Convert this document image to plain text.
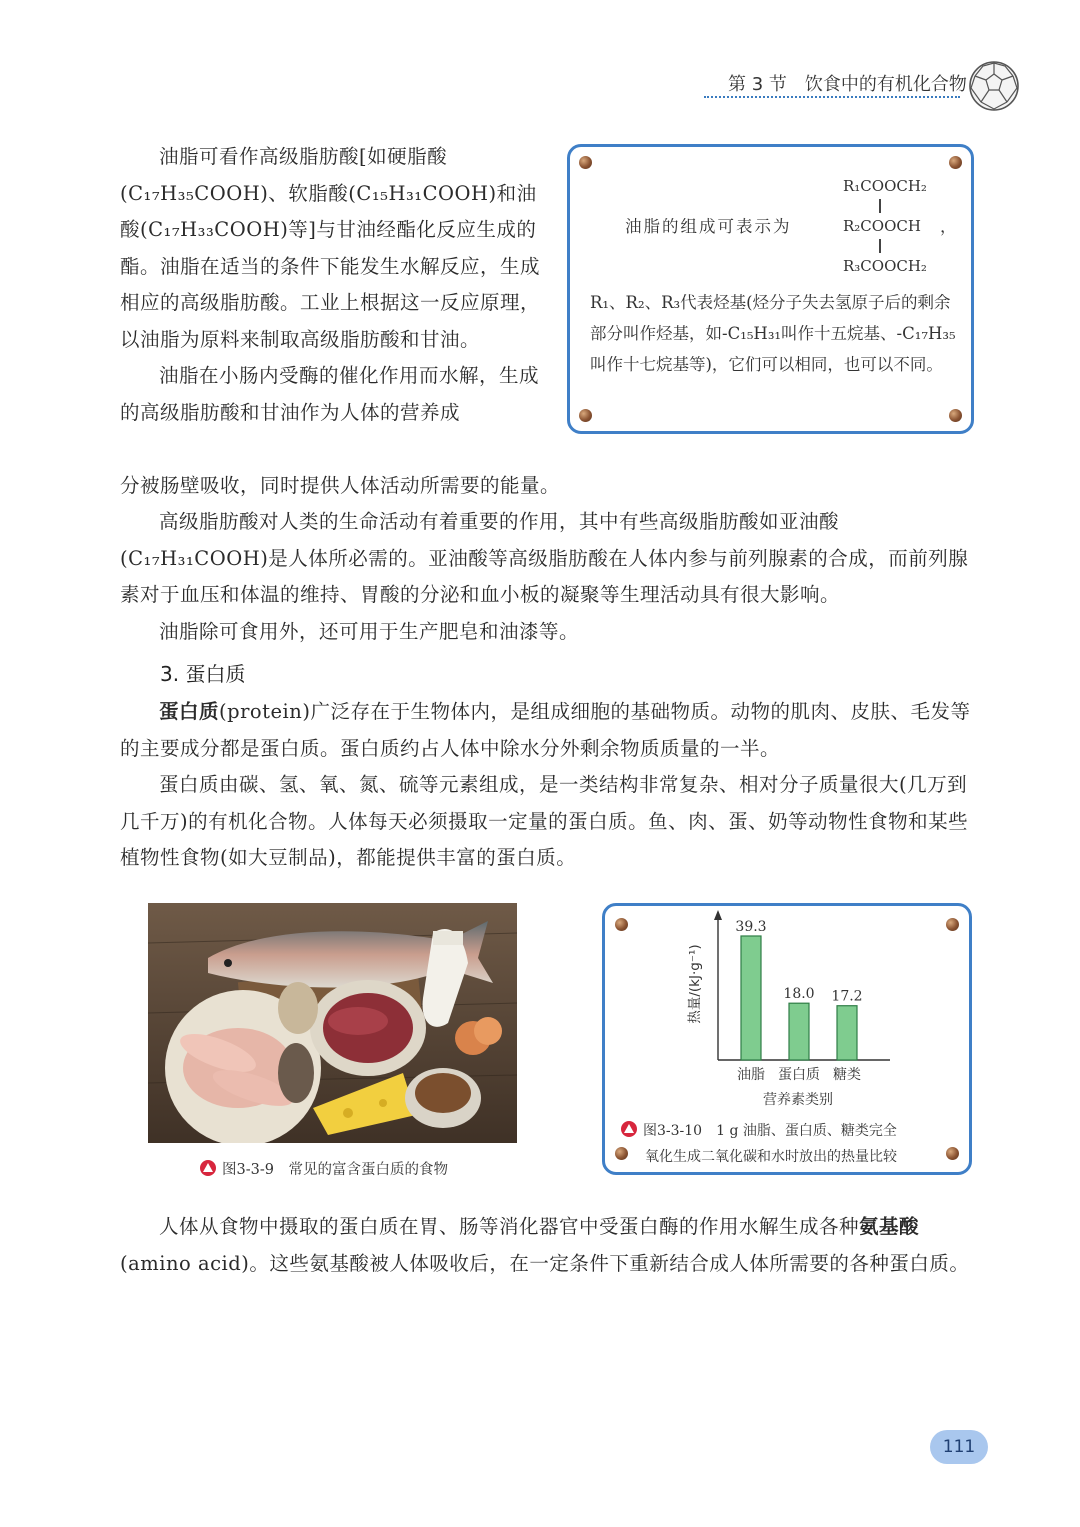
第 3 节　饮食中的有机化合物

油脂可看作高级脂肪酸[如硬脂酸(C₁₇H₃₅COOH)、软脂酸(C₁₅H₃₁COOH)和油酸(C₁₇H₃₃COOH)等]与甘油经酯化反应生成的酯。油脂在适当的条件下能发生水解反应，生成相应的高级脂肪酸。工业上根据这一反应原理，以油脂为原料来制取高级脂肪酸和甘油。

油脂在小肠内受酶的催化作用而水解，生成的高级脂肪酸和甘油作为人体的营养成

分被肠壁吸收，同时提供人体活动所需要的能量。
油脂的组成可表示为
R₁COOCH₂
R₂COOCH
R₃COOCH₂
，
R₁、R₂、R₃代表烃基(烃分子失去氢原子后的剩余部分叫作烃基，如-C₁₅H₃₁叫作十五烷基、-C₁₇H₃₅叫作十七烷基等)，它们可以相同，也可以不同。

高级脂肪酸对人类的生命活动有着重要的作用，其中有些高级脂肪酸如亚油酸(C₁₇H₃₁COOH)是人体所必需的。亚油酸等高级脂肪酸在人体内参与前列腺素的合成，而前列腺素对于血压和体温的维持、胃酸的分泌和血小板的凝聚等生理活动具有很大影响。

油脂除可食用外，还可用于生产肥皂和油漆等。

3. 蛋白质

蛋白质(protein)广泛存在于生物体内，是组成细胞的基础物质。动物的肌肉、皮肤、毛发等的主要成分都是蛋白质。蛋白质约占人体中除水分外剩余物质质量的一半。

蛋白质由碳、氢、氧、氮、硫等元素组成，是一类结构非常复杂、相对分子质量很大(几万到几千万)的有机化合物。人体每天必须摄取一定量的蛋白质。鱼、肉、蛋、奶等动物性食物和某些植物性食物(如大豆制品)，都能提供丰富的蛋白质。

图3-3-9　常见的富含蛋白质的食物
39.3
油脂
18.0
蛋白质
17.2
糖类
热量/(kJ·g⁻¹)
营养素类别
图3-3-10　1 g 油脂、蛋白质、糖类完全
氧化生成二氧化碳和水时放出的热量比较

人体从食物中摄取的蛋白质在胃、肠等消化器官中受蛋白酶的作用水解生成各种氨基酸(amino acid)。这些氨基酸被人体吸收后，在一定条件下重新结合成人体所需要的各种蛋白质。

111
